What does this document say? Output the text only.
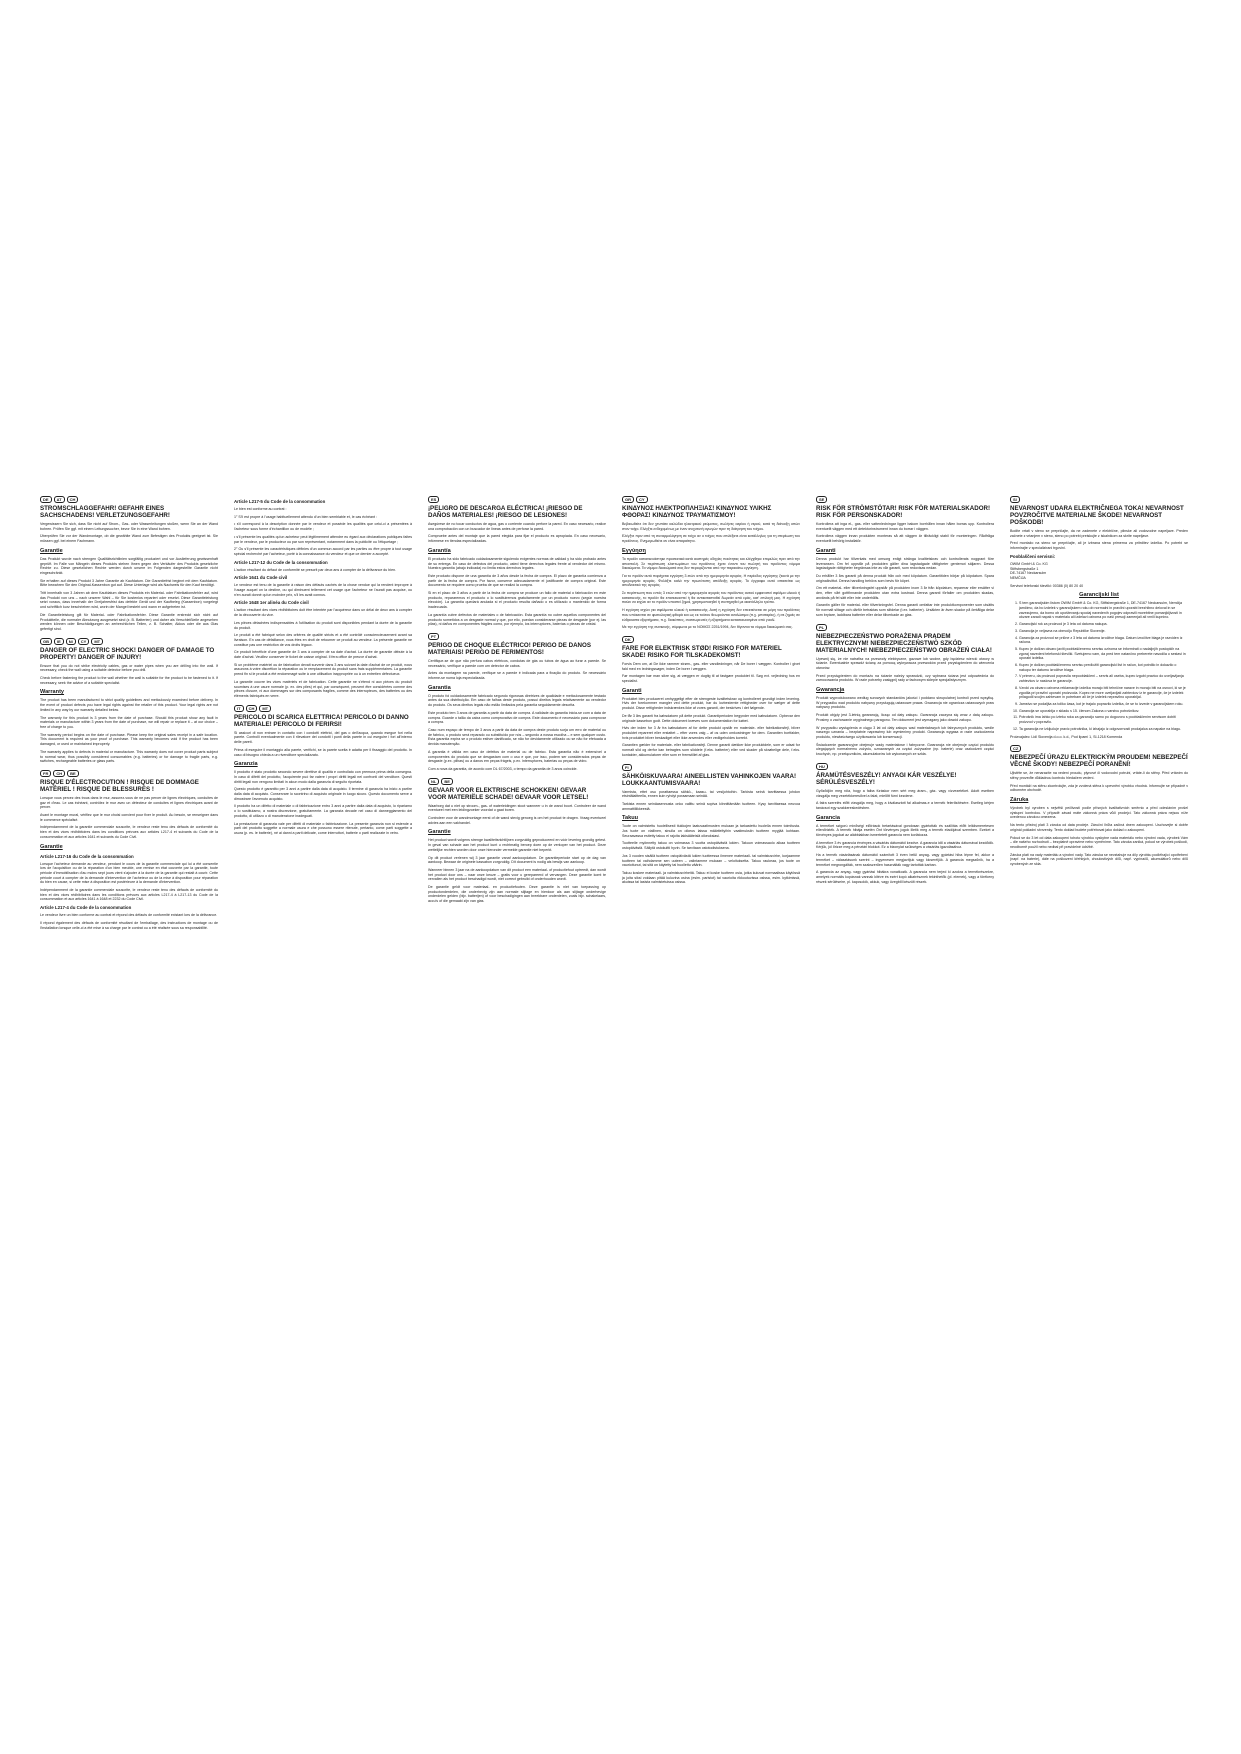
DE	AT	CH
STROMSCHLAGGEFAHR! GEFAHR EINES SACHSCHADENS! VERLETZUNGSGEFAHR!

Vergewissern Sie sich, dass Sie nicht auf Strom-, Gas- oder Wasserleitungen stoßen, wenn Sie an der Wand bohren. Prüfen Sie ggf. mit einem Leitungssucher, bevor Sie in eine Wand bohren.

Überprüfen Sie vor der Wandmontage, ob die gewählte Wand zum Befestigen des Produkts geeignet ist. Sie müssen ggf. bei einem Fachmann.

Garantie

Das Produkt wurde nach strengen Qualitätsrichtlinien sorgfältig produziert und vor Auslieferung gewissenhaft geprüft. Im Falle von Mängeln dieses Produkts stehen Ihnen gegen den Verkäufer des Produkts gesetzliche Rechte zu. Diese gesetzlichen Rechte werden durch unsere im Folgenden dargestellte Garantie nicht eingeschränkt.

Sie erhalten auf dieses Produkt 3 Jahre Garantie ab Kaufdatum. Die Garantiefrist beginnt mit dem Kaufdatum. Bitte bewahren Sie den Original-Kassenbon gut auf. Diese Unterlage wird als Nachweis für den Kauf benötigt.

Tritt innerhalb von 3 Jahren ab dem Kaufdatum dieses Produkts ein Material- oder Fabrikationsfehler auf, wird das Produkt von uns – nach unserer Wahl – für Sie kostenlos repariert oder ersetzt. Diese Garantieleistung setzt voraus, dass innerhalb der Dreijahresfrist das defekte Gerät und der Kaufbeleg (Kassenbon) vorgelegt und schriftlich kurz beschrieben wird, worin der Mangel besteht und wann er aufgetreten ist.

Die Garantieleistung gilt für Material- oder Fabrikationsfehler. Diese Garantie erstreckt sich nicht auf Produktteile, die normaler Abnutzung ausgesetzt sind (z. B. Batterien) und daher als Verschleißteile angesehen werden können oder Beschädigungen an zerbrechlichen Teilen, z. B. Schalter, Akkus oder die aus Glas gefertigt sind.

GB	IE	NI	CY	MT
DANGER OF ELECTRIC SHOCK! DANGER OF DAMAGE TO PROPERTY! DANGER OF INJURY!

Ensure that you do not strike electricity cables, gas or water pipes when you are drilling into the wall. If necessary, check the wall using a suitable detector before you drill.

Check before fastening the product to the wall whether the wall is suitable for the product to be fastened to it. If necessary, seek the advice of a suitable specialist.

Warranty

The product has been manufactured to strict quality guidelines and meticulously examined before delivery. In the event of product defects you have legal rights against the retailer of this product. Your legal rights are not limited in any way by our warranty detailed below.

The warranty for this product is 3 years from the date of purchase. Should this product show any fault in materials or manufacture within 3 years from the date of purchase, we will repair or replace it – at our choice – free of charge to you.

The warranty period begins on the date of purchase. Please keep the original sales receipt in a safe location. This document is required as your proof of purchase. This warranty becomes void if the product has been damaged, or used or maintained improperly.

The warranty applies to defects in material or manufacture. This warranty does not cover product parts subject to normal wear, thus possibly considered consumables (e.g. batteries) or for damage to fragile parts, e.g. switches, rechargeable batteries or glass parts.

FR	CH	BE
RISQUE D'ÉLECTROCUTION ! RISQUE DE DOMMAGE MATÉRIEL ! RISQUE DE BLESSURES !

Lorsque vous percez des trous dans le mur, assurez-vous de ne pas percer de lignes électriques, conduites de gaz et d'eau. Le cas échéant, contrôlez le mur avec un détecteur de conduites et lignes électriques avant de percer.

Avant le montage mural, vérifiez que le mur choisi convient pour fixer le produit. Au besoin, se renseigner dans le commerce spécialisé.

Indépendamment de la garantie commerciale souscrite, le vendeur reste tenu des défauts de conformité du bien et des vices rédhibitoires dans les conditions prévues aux articles L217-4 et suivants du Code de la consommation et aux articles 1641 et suivants du Code Civil.

Garantie
Article L217-16 du Code de la consommation

Lorsque l'acheteur demande au vendeur, pendant le cours de la garantie commerciale qui lui a été consentie lors de l'acquisition ou de la réparation d'un bien meuble, une remise en état couverte par la garantie, toute période d'immobilisation d'au moins sept jours vient s'ajouter à la durée de la garantie qui restait à courir. Cette période court à compter de la demande d'intervention de l'acheteur ou de la mise à disposition pour réparation du bien en cause, si cette mise à disposition est postérieure à la demande d'intervention.

Indépendamment de la garantie commerciale souscrite, le vendeur reste tenu des défauts de conformité du bien et des vices rédhibitoires dans les conditions prévues aux articles L217-4 à L217-13 du Code de la consommation et aux articles 1641 à 1648 et 2232 du Code Civil.

Article L217-4 du Code de la consommation

Le vendeur livre un bien conforme au contrat et répond des défauts de conformité existant lors de la délivrance.

Il répond également des défauts de conformité résultant de l'emballage, des instructions de montage ou de l'installation lorsque celle-ci a été mise à sa charge par le contrat ou a été réalisée sous sa responsabilité.

Article L217-5 du Code de la consommation

Le bien est conforme au contrat :

1° S'il est propre à l'usage habituellement attendu d'un bien semblable et, le cas échéant :

• s'il correspond à la description donnée par le vendeur et possède les qualités que celui-ci a présentées à l'acheteur sous forme d'échantillon ou de modèle ;

• s'il présente les qualités qu'un acheteur peut légitimement attendre eu égard aux déclarations publiques faites par le vendeur, par le producteur ou par son représentant, notamment dans la publicité ou l'étiquetage ;

2° Ou s'il présente les caractéristiques définies d'un commun accord par les parties ou être propre à tout usage spécial recherché par l'acheteur, porté à la connaissance du vendeur et que ce dernier a accepté.

Article L217-12 du Code de la consommation

L'action résultant du défaut de conformité se prescrit par deux ans à compter de la délivrance du bien.

Article 1641 du Code civil

Le vendeur est tenu de la garantie à raison des défauts cachés de la chose vendue qui la rendent impropre à l'usage auquel on la destine, ou qui diminuent tellement cet usage que l'acheteur ne l'aurait pas acquise, ou n'en aurait donné qu'un moindre prix, s'il les avait connus.

Article 1648 1er alinéa du Code civil

L'action résultant des vices rédhibitoires doit être intentée par l'acquéreur dans un délai de deux ans à compter de la découverte du vice.

Les pièces détachées indispensables à l'utilisation du produit sont disponibles pendant la durée de la garantie du produit.

Le produit a été fabriqué selon des critères de qualité stricts et a été contrôlé consciencieusement avant sa livraison. En cas de défaillance, vous êtes en droit de retourner ce produit au vendeur. La présente garantie ne constitue pas une restriction de vos droits légaux.

Ce produit bénéficie d'une garantie de 3 ans à compter de sa date d'achat. La durée de garantie débute à la date d'achat. Veuillez conserver le ticket de caisse original. Il fera office de preuve d'achat.

Si un problème matériel ou de fabrication devait survenir dans 3 ans suivant la date d'achat de ce produit, nous assurons à votre discrétion la réparation ou le remplacement du produit sans frais supplémentaires. La garantie prend fin si le produit a été endommagé suite à une utilisation inappropriée ou à un entretien défectueux.

La garantie couvre les vices matériels et de fabrication. Cette garantie ne s'étend ni aux pièces du produit soumises à une usure normale (p. ex. des piles) et qui, par conséquent, peuvent être considérées comme des pièces d'usure, ni aux dommages sur des composants fragiles, comme des interrupteurs, des batteries ou des éléments fabriqués en verre.

IT	CH	MT
PERICOLO DI SCARICA ELETTRICA! PERICOLO DI DANNO MATERIALE! PERICOLO DI FERIRSI!

Si assicuri di non entrare in contatto con i condotti elettrici, del gas o dell'acqua, quando esegue fori nella parete. Controlli eventualmente con il rilevatore dei condotti i punti della parete in cui eseguire i fori all'interno delle pareti.

Prima di eseguire il montaggio alla parete, verifichi, se la parete scelta è adatta per il fissaggio del prodotto. In caso di bisogno chieda a un rivenditore specializzato.

Garanzia

Il prodotto è stato prodotto secondo severe direttive di qualità e controllato con premura prima della consegna. In caso di difetti del prodotto, l'acquirente può far valere i propri diritti legali nei confronti del venditore. Questi diritti legali non vengono limitati in alcun modo dalla garanzia di seguito riportata.

Questo prodotto è garantito per 3 anni a partire dalla data di acquisto. Il termine di garanzia ha inizio a partire dalla data di acquisto. Conservare lo scontrino di acquisto originale in luogo sicuro. Questo documento serve a dimostrare l'avvenuto acquisto.

Il prodotto ha un difetto di materiale o di fabbricazione entro 3 anni a partire dalla data di acquisto, lo ripariamo o lo sostituiamo, a nostra discrezione, gratuitamente. La garanzia decade nel caso di danneggiamento del prodotto, di utilizzo o di manutenzione inadeguati.

La prestazione di garanzia vale per difetti di materiale o fabbricazione. La presente garanzia non si estende a parti del prodotto soggette a normale usura e che possono essere ritenute, pertanto, come parti soggette a usura (p. es. le batterie), né ai danni a parti delicate, come interruttori, batterie o parti realizzate in vetro.

ES
¡PELIGRO DE DESCARGA ELÉCTRICA! ¡RIESGO DE DAÑOS MATERIALES! ¡RIESGO DE LESIONES!

Asegúrese de no tocar conductos de agua, gas o corriente cuando perfore la pared. En caso necesario, realice una comprobación con un buscador de líneas antes de perforar la pared.

Compruebe antes del montaje que la pared elegida para fijar el producto es apropiada. En caso necesario, infórmese en tiendas especializadas.

Garantía

El producto ha sido fabricado cuidadosamente siguiendo exigentes normas de calidad y ha sido probado antes de su entrega. En caso de defectos del producto, usted tiene derechos legales frente al vendedor del mismo. Nuestra garantía (abajo indicada) no limita estos derechos legales.

Este producto dispone de una garantía de 3 años desde la fecha de compra. El plazo de garantía comienza a partir de la fecha de compra. Por favor, conserve adecuadamente el justificante de compra original. Este documento se requiere como prueba de que se realizó la compra.

Si en el plazo de 3 años a partir de la fecha de compra se produce un fallo de material o fabricación en este producto, repararemos el producto o lo sustituiremos gratuitamente por un producto nuevo (según nuestra elección). La garantía quedará anulada si el producto resulta dañado o es utilizado o mantenido de forma inadecuada.

La garantía cubre defectos de materiales o de fabricación. Esta garantía no cubre aquellos componentes del producto sometidos a un desgaste normal y que, por ello, puedan considerarse piezas de desgaste (por ej. las pilas), ni daños en componentes frágiles como, por ejemplo, los interruptores, baterías o piezas de cristal.

PT
PERIGO DE CHOQUE ELÉCTRICO! PERIGO DE DANOS MATERIAIS! PERIGO DE FERIMENTOS!

Certifique-se de que não perfura cabos elétricos, condutas de gás ou tubos de água ao furar a parede. Se necessário, verifique a parede com um detector de cabos.

Antes da montagem na parede, verifique se a parede é indicada para a fixação do produto. Se necessário informe-se numa loja especializada.

Garantia

O produto foi cuidadosamente fabricado segundo rigorosas diretrizes de qualidade e meticulosamente testado antes da sua distribuição. Em caso de falhas deste produto, possui direitos legais relativamente ao vendedor do produto. Os seus direitos legais não estão limitados pela garantia seguidamente descrita.

Este produto tem 3 anos de garantia a partir da data de compra. A validade da garantia inicia-se com a data de compra. Guarde o talão da caixa como comprovativo de compra. Este documento é necessário para comprovar a compra.

Caso num espaço de tempo de 3 anos a partir da data de compra deste produto surja um erro de material ou de fabrico, o produto será reparado ou substituído por nós – segundo a nossa escolha – e sem qualquer custo. Esta garantia expira se o produto estiver danificado, se não for devidamente utilizado ou se não for efetuada a devida manutenção.

A garantia é válida em caso de defeitos de material ou de fabrico. Esta garantia não é extensível a componentes do produto que se desgastam com o uso e que, por isso, podem ser considerados peças de desgaste (p.ex. pilhas) ou a danos em peças frágeis, p.ex. interruptores, baterias ou peças de vidro.

Com a nova da garantia, de acordo com DL 67/2003, o tempo da garantia de 3 anos coincide.

NL	BE
GEVAAR VOOR ELEKTRISCHE SCHOKKEN! GEVAAR VOOR MATERIËLE SCHADE! GEVAAR VOOR LETSEL!

Waarborg dat u niet op stroom-, gas- of waterleidingen stoot wanneer u in de wand boort. Controleer de wand eventueel met een leidingzoeker voordat u gaat boren.

Controleer voor de wandmontage eerst of de wand stevig genoeg is om het product te dragen. Vraag eventueel advies aan een vakhandel.

Garantie

Het product wordt volgens strenge kwaliteitsrichtlijnen zorgvuldig geproduceerd en vóór levering grondig getest. In geval van schade aan het product kunt u rechtmatig beroep doen op de verkoper van het product. Deze wettelijke rechten worden door onze hieronder vermelde garantie niet beperkt.

Op dit product verlenen wij 3 jaar garantie vanaf aankoopdatum. De garantieperiode start op de dag van aankoop. Bewaar de originele kassabon zorgvuldig. Dit document is nodig als bewijs van aankoop.

Wanneer binnen 3 jaar na de aankoopdatum van dit product een materiaal- of productiefout optreedt, dan wordt het product door ons – naar onze keuze – gratis voor u gerepareerd of vervangen. Deze garantie komt te vervallen als het product beschadigd wordt, niet correct gebruikt of onderhouden wordt.

De garantie geldt voor materiaal- en productiefouten. Deze garantie is niet van toepassing op productonderdelen, die onderhevig zijn aan normale slijtage en hierdoor als aan slijtage onderhevige onderdelen gelden (bijv. batterijen) of voor beschadigingen aan breekbare onderdelen, zoals bijv. schakelaars, accu's of die gemaakt zijn van glas.

GR	CY
ΚΙΝΔΥΝΟΣ ΗΛΕΚΤΡΟΠΛΗΞΙΑΣ! ΚΙΝΔΥΝΟΣ ΥΛΙΚΗΣ ΦΘΟΡΑΣ! ΚΙΝΔΥΝΟΣ ΤΡΑΥΜΑΤΙΣΜΟΥ!

Βεβαιωθείτε ότι δεν χτυπάτε καλώδια ηλεκτρικού ρεύματος, σωλήνες αερίου ή νερού, κατά τη διάνοιξη οπών στον τοίχο. Ελέγξτε ενδεχομένως με έναν ανιχνευτή αγωγών πριν τη διάτρηση του τοίχου.

Ελέγξτε πριν από τη συναρμολόγηση σε τοίχο αν ο τοίχος που επιλέξατε είναι κατάλληλος για τη στερέωση του προϊόντος. Ενημερωθείτε αν είναι απαραίτητο.

Εγγύηση

Το προϊόν κατασκευάστηκε προσεκτικά κατά αυστηρές οδηγίες ποιότητας και ελέγχθηκε επιμελώς πριν από την αποστολή. Σε περίπτωση ελαττωμάτων του προϊόντος έχετε έναντι του πωλητή του προϊόντος νόμιμα δικαιώματα. Τα νόμιμα δικαιώματά σας δεν περιορίζονται από την παρακάτω εγγύηση.

Για το προϊόν αυτό παρέχεται εγγύηση 3 ετών από την ημερομηνία αγοράς. Η περίοδος εγγύησης ξεκινά με την ημερομηνία αγοράς. Φυλάξτε καλά την πρωτότυπη απόδειξη αγοράς. Το έγγραφο αυτό απαιτείται ως αποδεικτικό της αγοράς.

Σε περίπτωση που εντός 3 ετών από την ημερομηνία αγοράς του προϊόντος αυτού εμφανιστεί σφάλμα υλικού ή κατασκευής, το προϊόν θα επισκευαστεί ή θα αντικατασταθεί δωρεάν από εμάς, κατ' επιλογή μας. Η εγγύηση παύει να ισχύει αν το προϊόν υποστεί ζημιά, χρησιμοποιηθεί ή συντηρηθεί με ακατάλληλο τρόπο.

Η εγγύηση ισχύει για σφάλματα υλικού ή κατασκευής. Αυτή η εγγύηση δεν επεκτείνεται σε μέρη του προϊόντος που υπόκεινται σε φυσιολογική φθορά και ως εκ τούτου θεωρούνται αναλώσιμα (π.χ. μπαταρίες), ή σε ζημιές σε εύθραυστα εξαρτήματα, π.χ. διακόπτες, συσσωρευτές ή εξαρτήματα κατασκευασμένα από γυαλί.

Με την εγγύηση της συσκευής, σύμφωνα με το NOMOΣ 2251/1994, δεν θίγονται τα νόμιμα δικαιώματά σας.

DK
FARE FOR ELEKTRISK STØD! RISIKO FOR MATERIEL SKADE! RISIKO FOR TILSKADEKOMST!

Forvis Dem om, at De ikke rammer strøm-, gas- eller vandledninger, når De borer i væggen. Kontroller i givet fald med en ledningssøger, inden De borer i væggen.

Før montagen bør man sikre sig, at væggen er dugtig til at fastgøre produktet til. Søg evt. vejledning hos en specialist.

Garanti

Produktet blev produceret omhyggeligt efter de strengeste kvalitetskrav og kontrolleret grundigt inden levering. Hvis der forekommer mangler ved dette produkt, har du lovbestemte rettigheder over for sælger af dette produkt. Disse rettigheder indskrænkes ikke af vores garanti, der beskrives i det følgende.

De får 3 års garanti fra købsdatoen på dette produkt. Garantiperioden begynder med købsdatoen. Opbevar den originale kassebon godt. Dette dokument kræves som dokumentation for købet.

Hvis der inden for 3 år fra købsdatoen af for dette produkt opstår en materiale- eller fabrikationsfejl, bliver produktet repareret eller erstattet – efter vores valg – af os uden omkostninger for dem. Garantien bortfalder, hvis produktet bliver beskadiget eller ikke anvendes eller vedligeholdes korrekt.

Garantien gælder for materiale- eller fabrikationsfejl. Denne garanti dækker ikke produktdele, som er udsat for normalt slid og derfor kan betragtes som sliddele (f.eks. batterier) eller ved skader på skrøbelige dele, f.eks. kontakter, akkumulatorer eller som er fremstillet af glas.

FI
SÄHKÖISKUVAARA! AINEELLISTEN VAHINKOJEN VAARA! LOUKKAANTUMISVAARA!

Varmista, ettet osu porattaessa sähkö-, kaasu- tai vesijohtoihin. Tarkista seinä tarvittaessa johdon etsintälaitteella, ennen kuin ryhdyt poraamaan seinää.

Tarkista ennen seinäasennusta onko valittu seinä sopiva kiinnittämään tuotteen. Kysy tarvittaessa neuvoa ammattiliikkeestä.

Takuu

Tuote on valmistettu huolellisesti tiukkojen laatuvaatimusten mukaan ja tarkastettu huolella ennen toimitusta. Jos tuote on viallinen, sinulla on oikeus laissa määriteltyihin vaatimuksiin tuotteen myyjää kohtaan. Seuraavassa esitetty takuu ei rajoita lakisääteisiä oikeuksiasi.

Tuotteelle myönnetty takuu on voimassa 3 vuotta ostopäivästä lukien. Takuun voimassaolo alkaa tuotteen ostopäivästä. Säilytä ostokuitti hyvin. Se tarvitaan ostotodistuksena.

Jos 3 vuoden sisällä tuotteen ostopäivästä lukien tuotteessa ilmenee materiaali- tai valmistusvirhe, korjaamme tuotteen tai vaihdamme sen uuteen – valintamme mukaan – veloituksetta. Takuu raukeaa, jos tuote on vaurioitunut, tai sitä on käytetty tai huollettu väärin.

Takuu koskee materiaali- ja valmistusvirheitä. Takuu ei koske tuotteen osia, jotka kuluvat normaalissa käytössä ja joita siksi voidaan pitää kuluvina osina (esim. paristot) tai vaurioita rikkoutuvissa osissa, esim. kytkimissä, akuissa tai lasista valmistetuissa osissa.

SE
RISK FÖR STRÖMSTÖTAR! RISK FÖR MATERIALSKADOR! RISK FÖR PERSONSKADOR!

Kontrollera att inga el-, gas- eller vattenledningar ligger bakom borrhålen innan hålen borras upp. Kontrollera eventuellt väggen med ett detektorinstrument innan du borrar i väggen.

Kontrollera väggen innan produkten monteras så att väggen är tillräckligt stabil för monteringen. Rådfråga eventuellt behörig installatör.

Garanti

Denna produkt har tillverkats med omsorg enligt stränga kvalitetskrav och kontrollerats noggrant före leveransen. Om fel uppstår på produkten gäller dina lagstadgade rättigheter gentemot säljaren. Dessa lagstadgade rättigheter begränsas inte av vår garanti, som redovisas nedan.

Du erhåller 3 års garanti på denna produkt från och med köpdatum. Garantitiden börjar på köpdatum. Spara originalkvittot. Denna handling behövs som bevis för köpet.

Om ett material- eller tillverkningsfel uppstår på produkten inom 3 år från köpdatum, reparerar eller ersätter vi den, efter vårt gottfinnande produkten utan extra kostnad. Denna garanti förfaller om produkten skadas, används på fel sätt eller inte underhålls.

Garantin gäller för material- eller tillverkningsfel. Denna garanti omfattar inte produktkomponenter som utsätts för normalt slitage och därför betraktas som slitdelar (t.ex. batterier). Ursäkten är även skador på ömtåliga delar som brytare, laddbara batterier eller delar tillverkade av glas.

PL
NIEBEZPIECZEŃSTWO PORAŻENIA PRĄDEM ELEKTRYCZNYM! NIEBEZPIECZEŃSTWO SZKÓD MATERIALNYCH! NIEBEZPIECZEŃSTWO OBRAŻEŃ CIAŁA!

Upewnij się, że nie natrafisz na przewody elektryczne, gazowe lub wodne, gdy będziesz wiercić otwory w ścianie. Ewentualnie sprawdź ścianę za pomocą wykrywacza przewodów przed przystąpieniem do wiercenia otworów.

Przed przystąpieniem do montażu na ścianie należy sprawdzić, czy wybrana ściana jest odpowiednia do zamocowania produktu. W razie potrzeby zasięgnij rady w fachowym sklepie specjalistycznym.

Gwarancja

Produkt wyprodukowano według surowych standardów jakości i poddano skrupulatnej kontroli przed wysyłką. W przypadku wad produktu nabywcy przysługują ustawowe prawa. Gwarancja nie ogranicza ustawowych praw nabywcy produktu.

Produkt objęty jest 3-letnią gwarancją, licząc od daty zakupu. Gwarancja zaczyna się wraz z datą zakupu. Prosimy o zachowanie oryginalnego paragonu. Ten dokument jest wymagany jako dowód zakupu.

W przypadku wystąpienia w ciągu 3 lat od daty zakupu wad materiałowych lub fabrycznych produktu, wedle naszego uznania – bezpłatnie naprawimy lub wymienimy produkt. Gwarancja wygasa w razie uszkodzenia produktu, niewłaściwego użytkowania lub konserwacji.

Świadczenie gwarancyjne obejmuje wady materiałowe i fabryczne. Gwarancja nie obejmuje części produktu ulegających normalnemu zużyciu, uznawanych za części zużywalne (np. baterie) oraz uszkodzeń części kruchych, np. przełączników, akumulatorów lub wykonanych ze szkła.

HU
ÁRAMÜTÉSVESZÉLY! ANYAGI KÁR VESZÉLYE! SÉRÜLÉSVESZÉLY!

Győződjön meg róla, hogy a falba fúráskor nem sért meg áram-, gáz- vagy vízvezetéket. Adott esetben vizsgálja meg vezetékkeresővel a falat, mielőtt fúrni kezdene.

A falra szerelés előtt vizsgálja meg, hogy a kiválasztott fal alkalmas-e a termék felerősítésére. Esetleg kérjen tanácsot egy szakkereskedésben.

Garancia

A terméket szigorú minőségi előírások betartásával gondosan gyártották és szállítás előtt lelkiismeretesen ellenőrizték. A termék hibája esetén Önt törvényes jogok illetik meg a termék eladójával szemben. Ezeket a törvényes jogokat az alábbiakban ismertetett garancia nem korlátozza.

A termékre 3 év garancia érvényes a vásárlás dátumától kezdve. A garancia idő a vásárlás dátumával kezdődik. Kérjük, jól őrizze meg a pénztári blokkot. Ez a bizonylat szükséges a vásárlás igazolásához.

Ha a termék vásárlásának dátumától számított 3 éven belül anyag- vagy gyártási hiba lépne fel, akkor a terméket – választásunk szerint – ingyenesen megjavítjuk vagy kicseréljük. A garancia megszűnik, ha a terméket megrongálták, nem szakszerűen használták vagy tartották karban.

A garancia az anyag- vagy gyártási hibákra vonatkozik. A garancia nem terjed ki azokra a termékrészekre, amelyek normális kopásnak vannak kitéve és ezért kopó alkatrésznek tekinthetők (pl. elemek), vagy a törékeny részek sérüléseire, pl. kapcsolók, akkuk, vagy üvegből készült részek.

SI
NEVARNOST UDARA ELEKTRIČNEGA TOKA! NEVARNOST POVZROČITVE MATERIALNE ŠKODE! NEVARNOST POŠKODB!

Bodite vrtati v steno se prepričajte, da ne zadenete v električne, plinske ali vodovodne napeljave. Preden začnete z vrtanjem v steno, steno po potrebi preiskujte z iskalnikom za skrite napeljave.

Pred montažo na steno se prepričajte, ali je izbrana stena primerna za pritrditev izdelka. Po potrebi se informirajte v specializirani trgovini.

Pooblaščeni servisni:
OWIM GmbH & Co. KG
Stiftsbergstraße 1
DE-74167 Neckarsulm
NEMČIJA

Servisni telefonski številki: 00386 (0) 80 20 40

Garancijski list
1. S tem garancijskim listom OWIM GmbH & Co. KG, Stiftsbergstraße 1, DE-74167 Neckarsulm, Nemčija jamčimo, da bo izdelek v garancijskem roku ob normalni in pravilni uporabi brezhibno deloval in se zavezujemo, da bomo ob upoštevanju spodaj navedenih pogojev odpravili morebitne pomanjkljivosti in okvare zaradi napak v materialu ali izdelavi oziroma po naši presoji zamenjali ali vrnili kupnino.
2. Garancijski rok za proizvod je 3 leta od datuma nakupa.
3. Garancija je veljavna na območju Republike Slovenije.
4. Garancija za proizvod se prične z 3 leta od datuma izročitve blaga. Datum izročitve blaga je razviden iz računa.
5. Kupec je dolžan okvaro javiti pooblaščenemu servisu oziroma se informirati o nadaljnjih postopkih na zgoraj navedeni telefonski številki. Svetujemo vam, da pred tem natančno preberete navodila o sestavi in uporabi izdelka.
6. Kupec je dolžan pooblaščenemu servisu predložiti garancijski list in račun, kot potrdilo in dokazilo o nakupu ter datumu izročitve blaga.
7. V primeru, da proizvod popravila nepooblaščeni – servis ali oseba, kupec izgubi pravico do uveljavljanja zahtevkov iz naslova te garancije.
8. Vzroki za okvaro oziroma reklamacije izdelka morajo biti tehnične narave in morajo biti na osnovi, ki se je zgodila pri pravilni uporabi proizvoda. Kupec ne more uveljavljati zahtevkov iz te garancije, če je izdelek prilagodil svojim zahtevam in potrebam ali če je izdelek nepravilno uporabljal.
9. Jamstvo se podaljša za toliko časa, kot je trajalo popravilo izdelka, če se to izvede v garancijskem roku.
10. Garancija se uporablja v skladu s 15. členom Zakona o varstvu potrošnikov.
11. Potrošnik ima lahko po izteku roka za garancijo samo po dogovoru s pooblaščenim servisom dobiti proizvod v popravilo.
12. Ta garancija ne izključuje pravic potrošnika, ki izhajajo iz odgovornosti prodajalca za napake na blagu.

Proizvajalec: Lidl Slovenija d.o.o. k.d., Pod lipami 1, SI-1218 Komenda

CZ
NEBEZPEČÍ ÚRAZU ELEKTRICKÝM PROUDEM! NEBEZPEČÍ VĚCNÉ ŠKODY! NEBEZPEČÍ PORANĚNÍ!

Ujistěte se, že nenarazíte na vedení proudu, plynové či vodovodní potrubí, vrtáte-li do stěny. Před vrtáním do stěny proveďte důkladnou kontrolu hledačem vedení.

Před montáží na stěnu zkontrolujte, zda je zvolená stěna k upevnění výrobku vhodná. Informujte se případně v odborném obchodě.

Záruka

Výrobek byl vyroben s největší pečlivostí podle přísných kvalitativních směrnic a před odesláním prošel výstupní kontrolou. V případě závad máte zákonná práva vůči prodejci. Tato zákonná práva nejsou níže uvedenou zárukou omezena.

Na tento přístroj platí 3 záruka od data prodeje. Záruční lhůta začíná dnem zakoupení. Uschovejte si dobře originál pokladní stvrzenky. Tento doklad budete potřebovat jako doklad o zakoupení.

Pokud se do 3 let od data zakoupení tohoto výrobku vyskytne vada materiálu nebo výrobní vada, výrobek Vám – dle našeho rozhodnutí – bezplatně opravíme nebo vyměníme. Tato záruka zaniká, pokud se výrobek poškodí, neodborně použil nebo nedbal při pravidelné údržbě.

Záruka platí na vady materiálu a výrobní vady. Tato záruka se nevztahuje na díly výrobku podléhající opotřebení (např. na baterie), dále na poškození křehkých, choulostivých dílů, např. vypínačů, akumulátorů nebo dílů vyrobených ze skla.
